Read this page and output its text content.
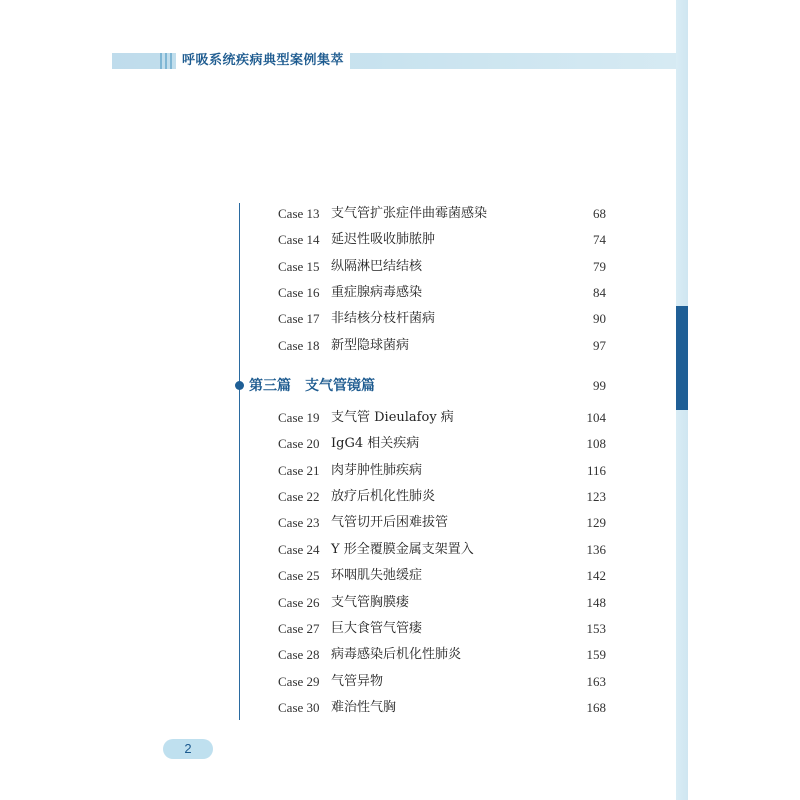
呼吸系统疾病典型案例集萃
Case 13 支气管扩张症伴曲霉菌感染	68
Case 14 延迟性吸收肺脓肿	74
Case 15 纵隔淋巴结结核	79
Case 16 重症腺病毒感染	84
Case 17 非结核分枝杆菌病	90
Case 18 新型隐球菌病	97
第三篇　支气管镜篇	99
Case 19 支气管 Dieulafoy 病	104
Case 20 IgG4 相关疾病	108
Case 21 肉芽肿性肺疾病	116
Case 22 放疗后机化性肺炎	123
Case 23 气管切开后困难拔管	129
Case 24 Y 形全覆膜金属支架置入	136
Case 25 环咽肌失弛缓症	142
Case 26 支气管胸膜瘘	148
Case 27 巨大食管气管瘘	153
Case 28 病毒感染后机化性肺炎	159
Case 29 气管异物	163
Case 30 难治性气胸	168
2
